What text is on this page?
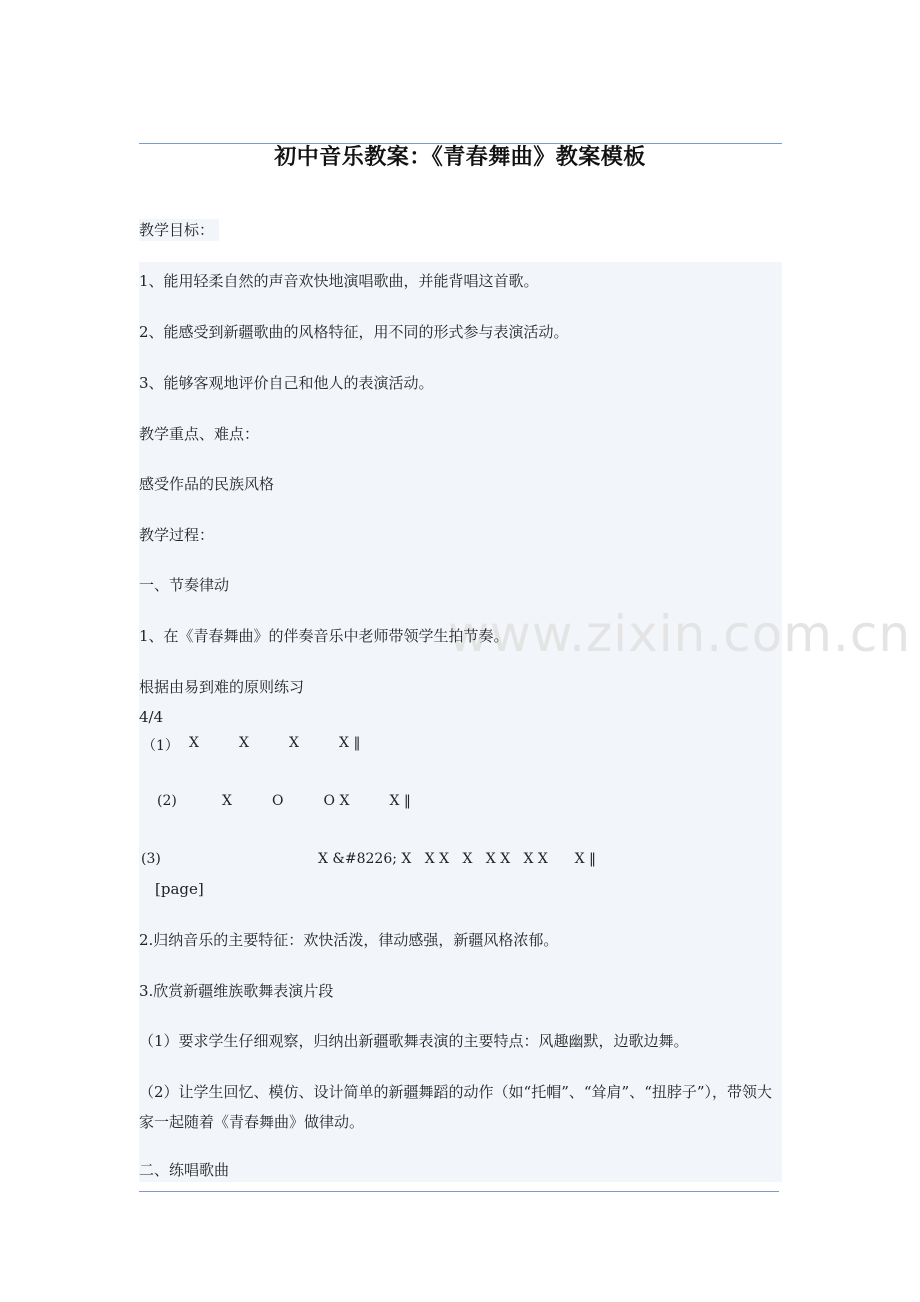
初中音乐教案：《青春舞曲》教案模板
www.zixin.com.cn
教学目标：
1、能用轻柔自然的声音欢快地演唱歌曲，并能背唱这首歌。
2、能感受到新疆歌曲的风格特征，用不同的形式参与表演活动。
3、能够客观地评价自己和他人的表演活动。
教学重点、难点：
感受作品的民族风格
教学过程：
一、节奏律动
1、在《青春舞曲》的伴奏音乐中老师带领学生拍节奏。
根据由易到难的原则练习
4/4
（1） X         X         X         X ‖
(2)	X         O         O X         X ‖
(3)	X &#8226; X   X X   X   X X   X X      X ‖
[page]
2.归纳音乐的主要特征：欢快活泼，律动感强，新疆风格浓郁。
3.欣赏新疆维族歌舞表演片段
（1）要求学生仔细观察，归纳出新疆歌舞表演的主要特点：风趣幽默，边歌边舞。
（2）让学生回忆、模仿、设计简单的新疆舞蹈的动作（如“托帽”、“耸肩”、“扭脖子”），带领大家一起随着《青春舞曲》做律动。
二、练唱歌曲
